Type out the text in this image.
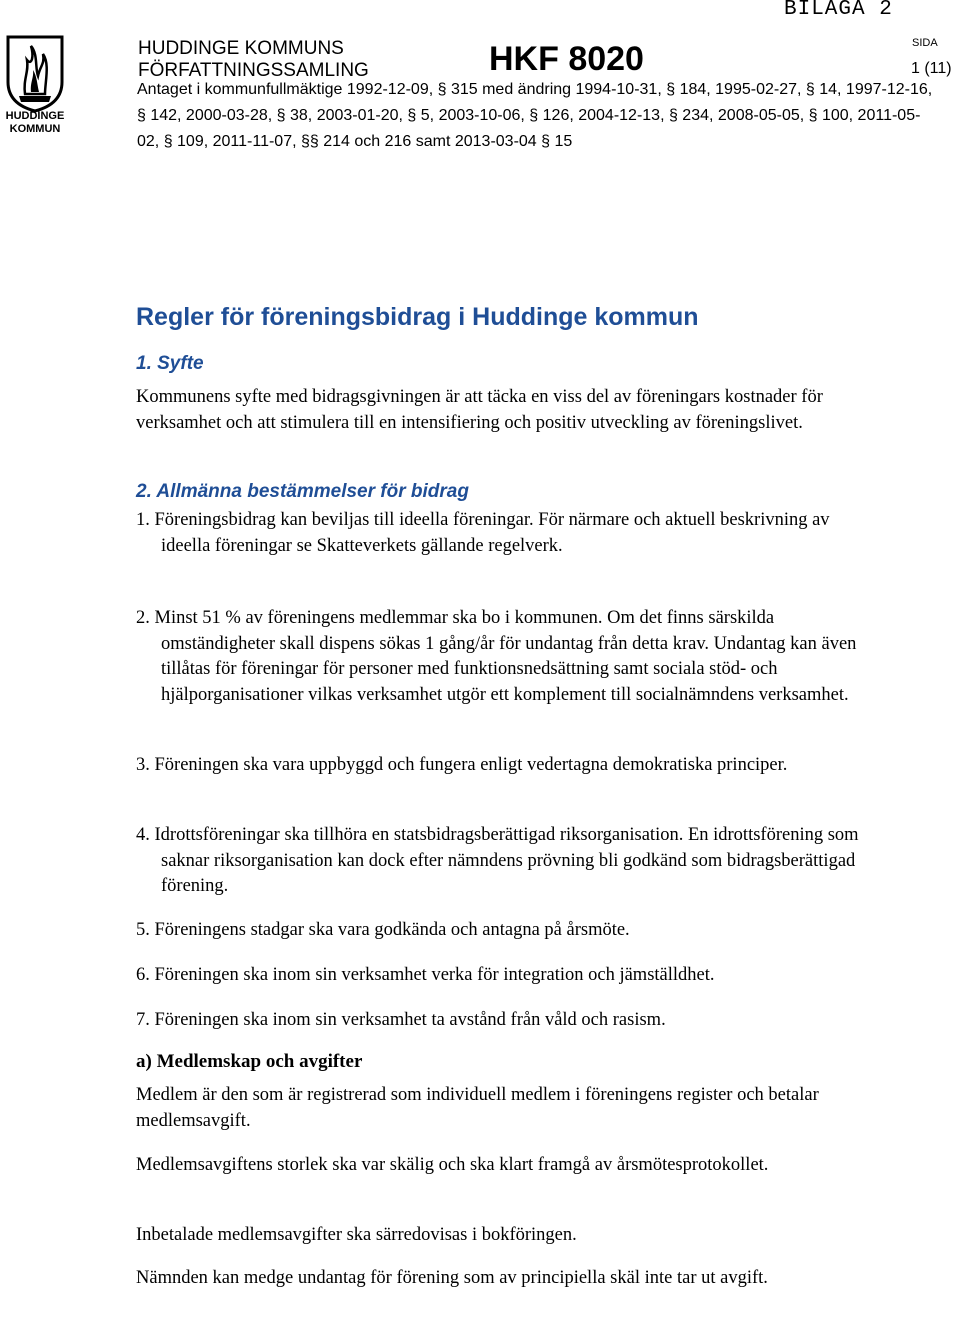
BILAGA 2
HUDDINGE KOMMUN
HUDDINGE KOMMUNS
FÖRFATTNINGSSAMLING	HKF 8020	SIDA
1 (11)
Antaget i kommunfullmäktige 1992-12-09, § 315 med ändring 1994-10-31, § 184, 1995-02-27, § 14, 1997-12-16, § 142, 2000-03-28, § 38, 2003-01-20, § 5, 2003-10-06, § 126, 2004-12-13, § 234, 2008-05-05, § 100, 2011-05-02, § 109, 2011-11-07, §§ 214 och 216 samt 2013-03-04 § 15
Regler för föreningsbidrag i Huddinge kommun
1. Syfte
Kommunens syfte med bidragsgivningen är att täcka en viss del av föreningars kostnader för verksamhet och att stimulera till en intensifiering och positiv utveckling av föreningslivet.
2. Allmänna bestämmelser för bidrag
1. Föreningsbidrag kan beviljas till ideella föreningar. För närmare och aktuell beskrivning av ideella föreningar se Skatteverkets gällande regelverk.
2. Minst 51 % av föreningens medlemmar ska bo i kommunen. Om det finns särskilda omständigheter skall dispens sökas 1 gång/år för undantag från detta krav. Undantag kan även tillåtas för föreningar för personer med funktionsnedsättning samt sociala stöd- och hjälporganisationer vilkas verksamhet utgör ett komplement till socialnämndens verksamhet.
3. Föreningen ska vara uppbyggd och fungera enligt vedertagna demokratiska principer.
4. Idrottsföreningar ska tillhöra en statsbidragsberättigad riksorganisation. En idrottsförening som saknar riksorganisation kan dock efter nämndens prövning bli godkänd som bidragsberättigad förening.
5. Föreningens stadgar ska vara godkända och antagna på årsmöte.
6. Föreningen ska inom sin verksamhet verka för integration och jämställdhet.
7. Föreningen ska inom sin verksamhet ta avstånd från våld och rasism.
a) Medlemskap och avgifter
Medlem är den som är registrerad som individuell medlem i föreningens register och betalar medlemsavgift.
Medlemsavgiftens storlek ska var skälig och ska klart framgå av årsmötesprotokollet.
Inbetalade medlemsavgifter ska särredovisas i bokföringen.
Nämnden kan medge undantag för förening som av principiella skäl inte tar ut avgift.
